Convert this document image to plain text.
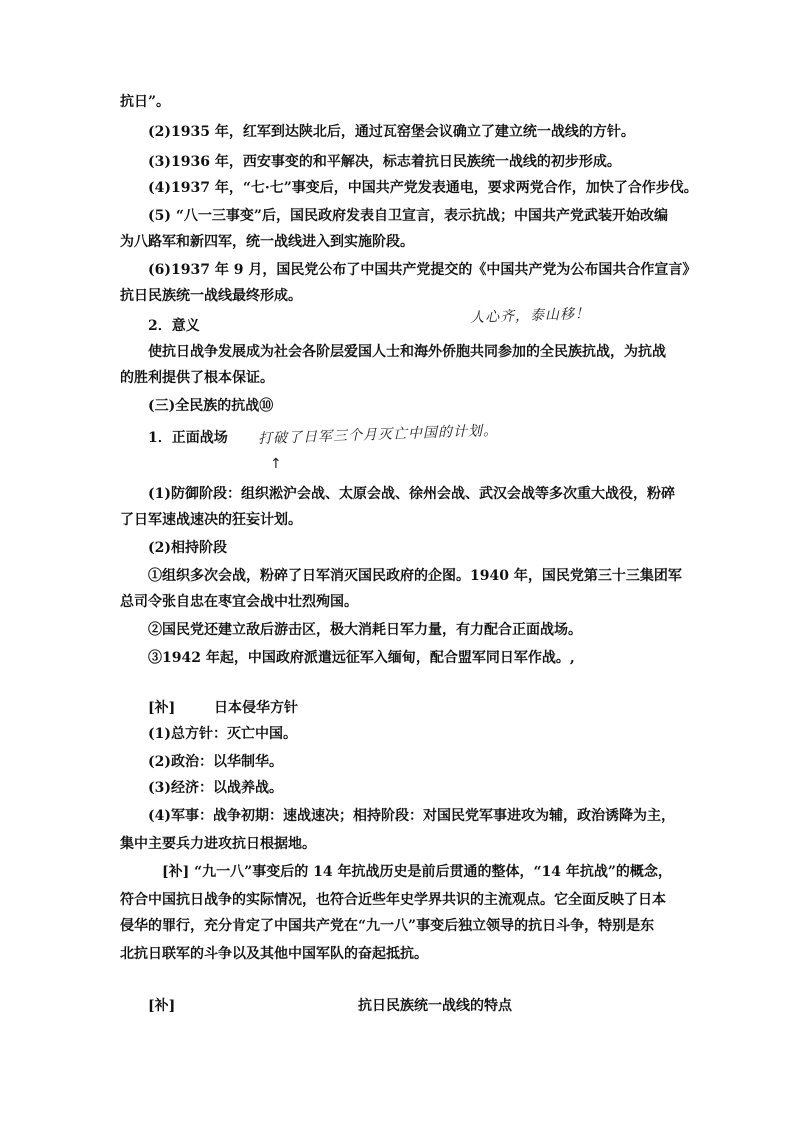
抗日”。
(2)1935 年，红军到达陕北后，通过瓦窑堡会议确立了建立统一战线的方针。
(3)1936 年，西安事变的和平解决，标志着抗日民族统一战线的初步形成。
(4)1937 年，“七·七”事变后，中国共产党发表通电，要求两党合作，加快了合作步伐。
(5) “八一三事变”后，国民政府发表自卫宣言，表示抗战；中国共产党武装开始改编
为八路军和新四军，统一战线进入到实施阶段。
(6)1937 年 9 月，国民党公布了中国共产党提交的《中国共产党为公布国共合作宣言》
抗日民族统一战线最终形成。
2．意义	人心齐，泰山移！
使抗日战争发展成为社会各阶层爱国人士和海外侨胞共同参加的全民族抗战，为抗战
的胜利提供了根本保证。
(三)全民族的抗战⑩
1．正面战场 打破了日军三个月灭亡中国的计划。
↑
(1)防御阶段：组织淞沪会战、太原会战、徐州会战、武汉会战等多次重大战役，粉碎
了日军速战速决的狂妄计划。
(2)相持阶段
①组织多次会战，粉碎了日军消灭国民政府的企图。1940 年，国民党第三十三集团军
总司令张自忠在枣宜会战中壮烈殉国。
②国民党还建立敌后游击区，极大消耗日军力量，有力配合正面战场。
③1942 年起，中国政府派遣远征军入缅甸，配合盟军同日军作战。,
[补]	日本侵华方针
(1)总方针：灭亡中国。
(2)政治：以华制华。
(3)经济：以战养战。
(4)军事：战争初期：速战速决；相持阶段：对国民党军事进攻为辅，政治诱降为主，
集中主要兵力进攻抗日根据地。
[补] “九一八”事变后的 14 年抗战历史是前后贯通的整体，“14 年抗战”的概念，
符合中国抗日战争的实际情况，也符合近些年史学界共识的主流观点。它全面反映了日本
侵华的罪行，充分肯定了中国共产党在“九一八”事变后独立领导的抗日斗争，特别是东
北抗日联军的斗争以及其他中国军队的奋起抵抗。
[补]	抗日民族统一战线的特点
